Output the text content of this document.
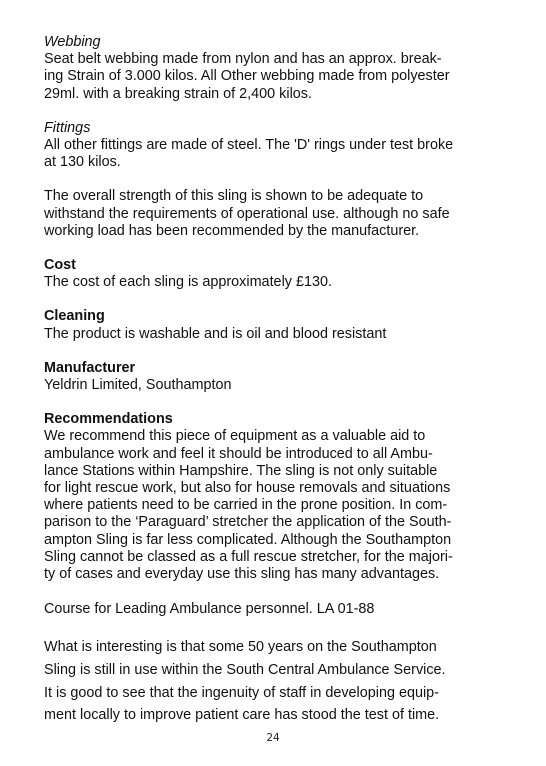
Webbing

Seat belt webbing made from nylon and has an approx. break-
ing Strain of 3.000 kilos. All Other webbing made from polyester
29ml. with a breaking strain of 2,400 kilos.

Fittings

All other fittings are made of steel. The 'D' rings under test broke
at 130 kilos.

The overall strength of this sling is shown to be adequate to
withstand the requirements of operational use. although no safe
working load has been recommended by the manufacturer.

Cost

The cost of each sling is approximately £130.

Cleaning

The product is washable and is oil and blood resistant

Manufacturer

Yeldrin Limited, Southampton

Recommendations

We recommend this piece of equipment as a valuable aid to
ambulance work and feel it should be introduced to all Ambu-
lance Stations within Hampshire. The sling is not only suitable
for light rescue work, but also for house removals and situations
where patients need to be carried in the prone position. In com-
parison to the ‘Paraguard’ stretcher the application of the South-
ampton Sling is far less complicated. Although the Southampton
Sling cannot be classed as a full rescue stretcher, for the majori-
ty of cases and everyday use this sling has many advantages.

Course for Leading Ambulance personnel. LA 01-88

What is interesting is that some 50 years on the Southampton
Sling is still in use within the South Central Ambulance Service.
It is good to see that the ingenuity of staff in developing equip-
ment locally to improve patient care has stood the test of time.

24
